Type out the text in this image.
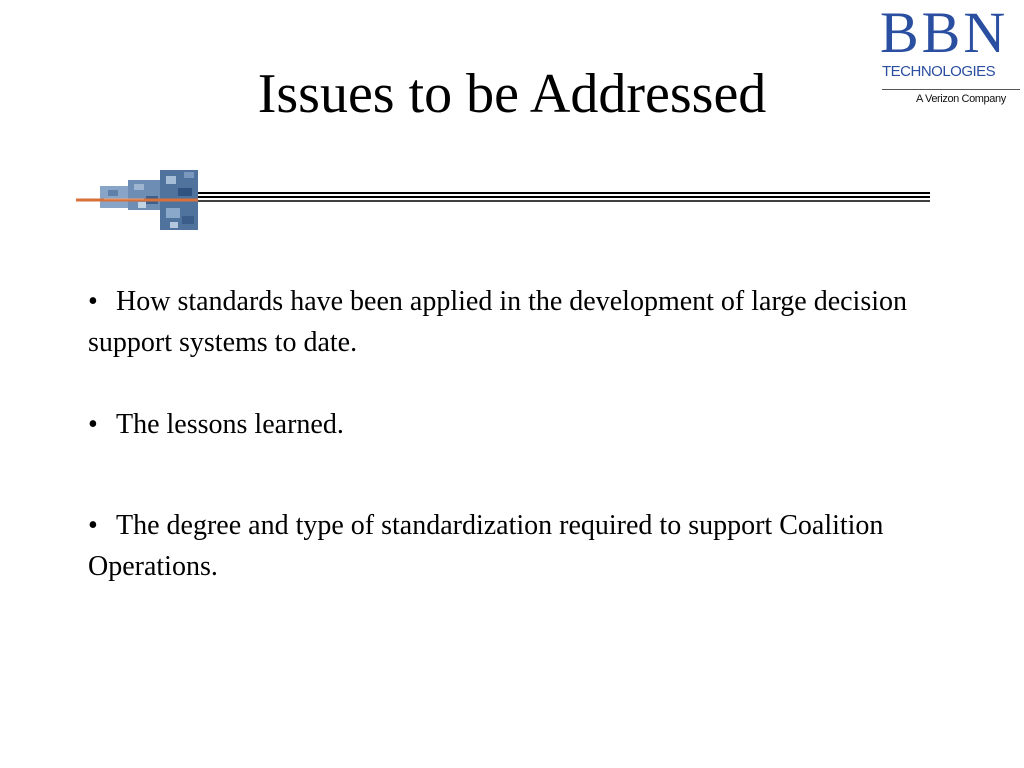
Issues to be Addressed
BBN
TECHNOLOGIES
A Verizon Company
• How standards have been applied in the development of large decision support systems to date.
• The lessons learned.
• The degree and type of standardization required to support Coalition Operations.
